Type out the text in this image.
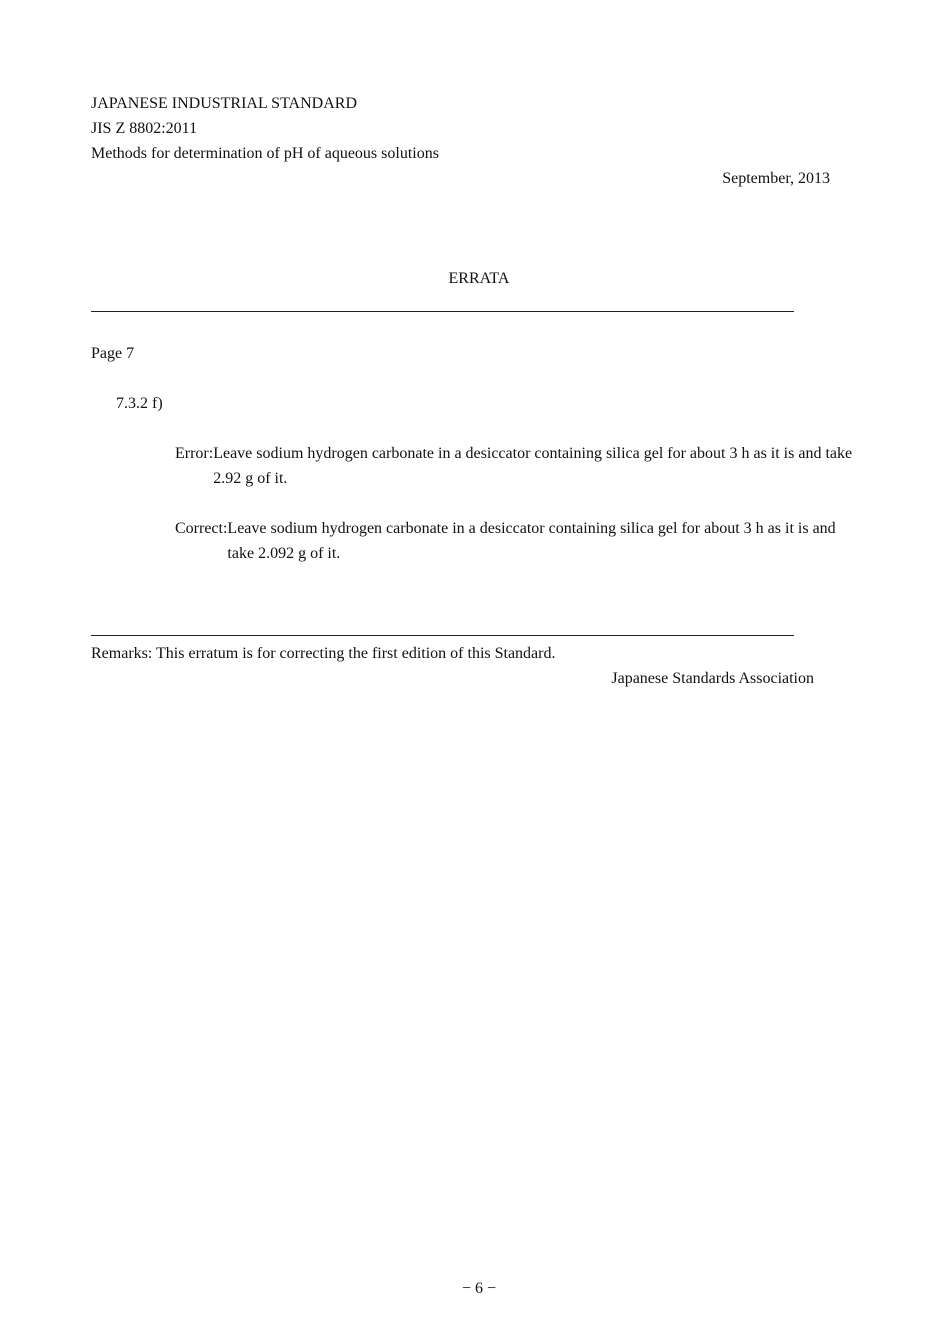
JAPANESE INDUSTRIAL STANDARD
JIS Z 8802:2011
Methods for determination of pH of aqueous solutions
September, 2013
ERRATA
Page 7
7.3.2 f)
Error: Leave sodium hydrogen carbonate in a desiccator containing silica gel for about 3 h as it is and take 2.92 g of it.
Correct: Leave sodium hydrogen carbonate in a desiccator containing silica gel for about 3 h as it is and take 2.092 g of it.
Remarks: This erratum is for correcting the first edition of this Standard.
Japanese Standards Association
− 6 −
